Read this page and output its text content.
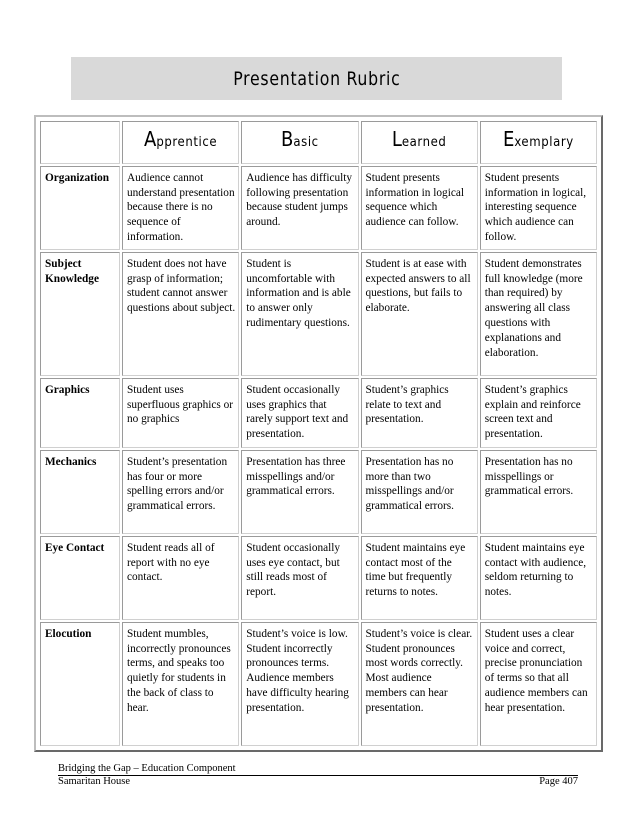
Presentation Rubric
	Apprentice	Basic	Learned	Exemplary
Organization	Audience cannot understand presentation because there is no sequence of information.	Audience has difficulty following presentation because student jumps around.	Student presents information in logical sequence which audience can follow.	Student presents information in logical, interesting sequence which audience can follow.
Subject Knowledge	Student does not have grasp of information; student cannot answer questions about subject.	Student is uncomfortable with information and is able to answer only rudimentary questions.	Student is at ease with expected answers to all questions, but fails to elaborate.	Student demonstrates full knowledge (more than required) by answering all class questions with explanations and elaboration.
Graphics	Student uses superfluous graphics or no graphics	Student occasionally uses graphics that rarely support text and presentation.	Student’s graphics relate to text and presentation.	Student’s graphics explain and reinforce screen text and presentation.
Mechanics	Student’s presentation has four or more spelling errors and/or grammatical errors.	Presentation has three misspellings and/or grammatical errors.	Presentation has no more than two misspellings and/or grammatical errors.	Presentation has no misspellings or grammatical errors.
Eye Contact	Student reads all of report with no eye contact.	Student occasionally uses eye contact, but still reads most of report.	Student maintains eye contact most of the time but frequently returns to notes.	Student maintains eye contact with audience, seldom returning to notes.
Elocution	Student mumbles, incorrectly pronounces terms, and speaks too quietly for students in the back of class to hear.	Student’s voice is low. Student incorrectly pronounces terms. Audience members have difficulty hearing presentation.	Student’s voice is clear. Student pronounces most words correctly. Most audience members can hear presentation.	Student uses a clear voice and correct, precise pronunciation of terms so that all audience members can hear presentation.
Bridging the Gap – Education Component
Samaritan House	Page 407
